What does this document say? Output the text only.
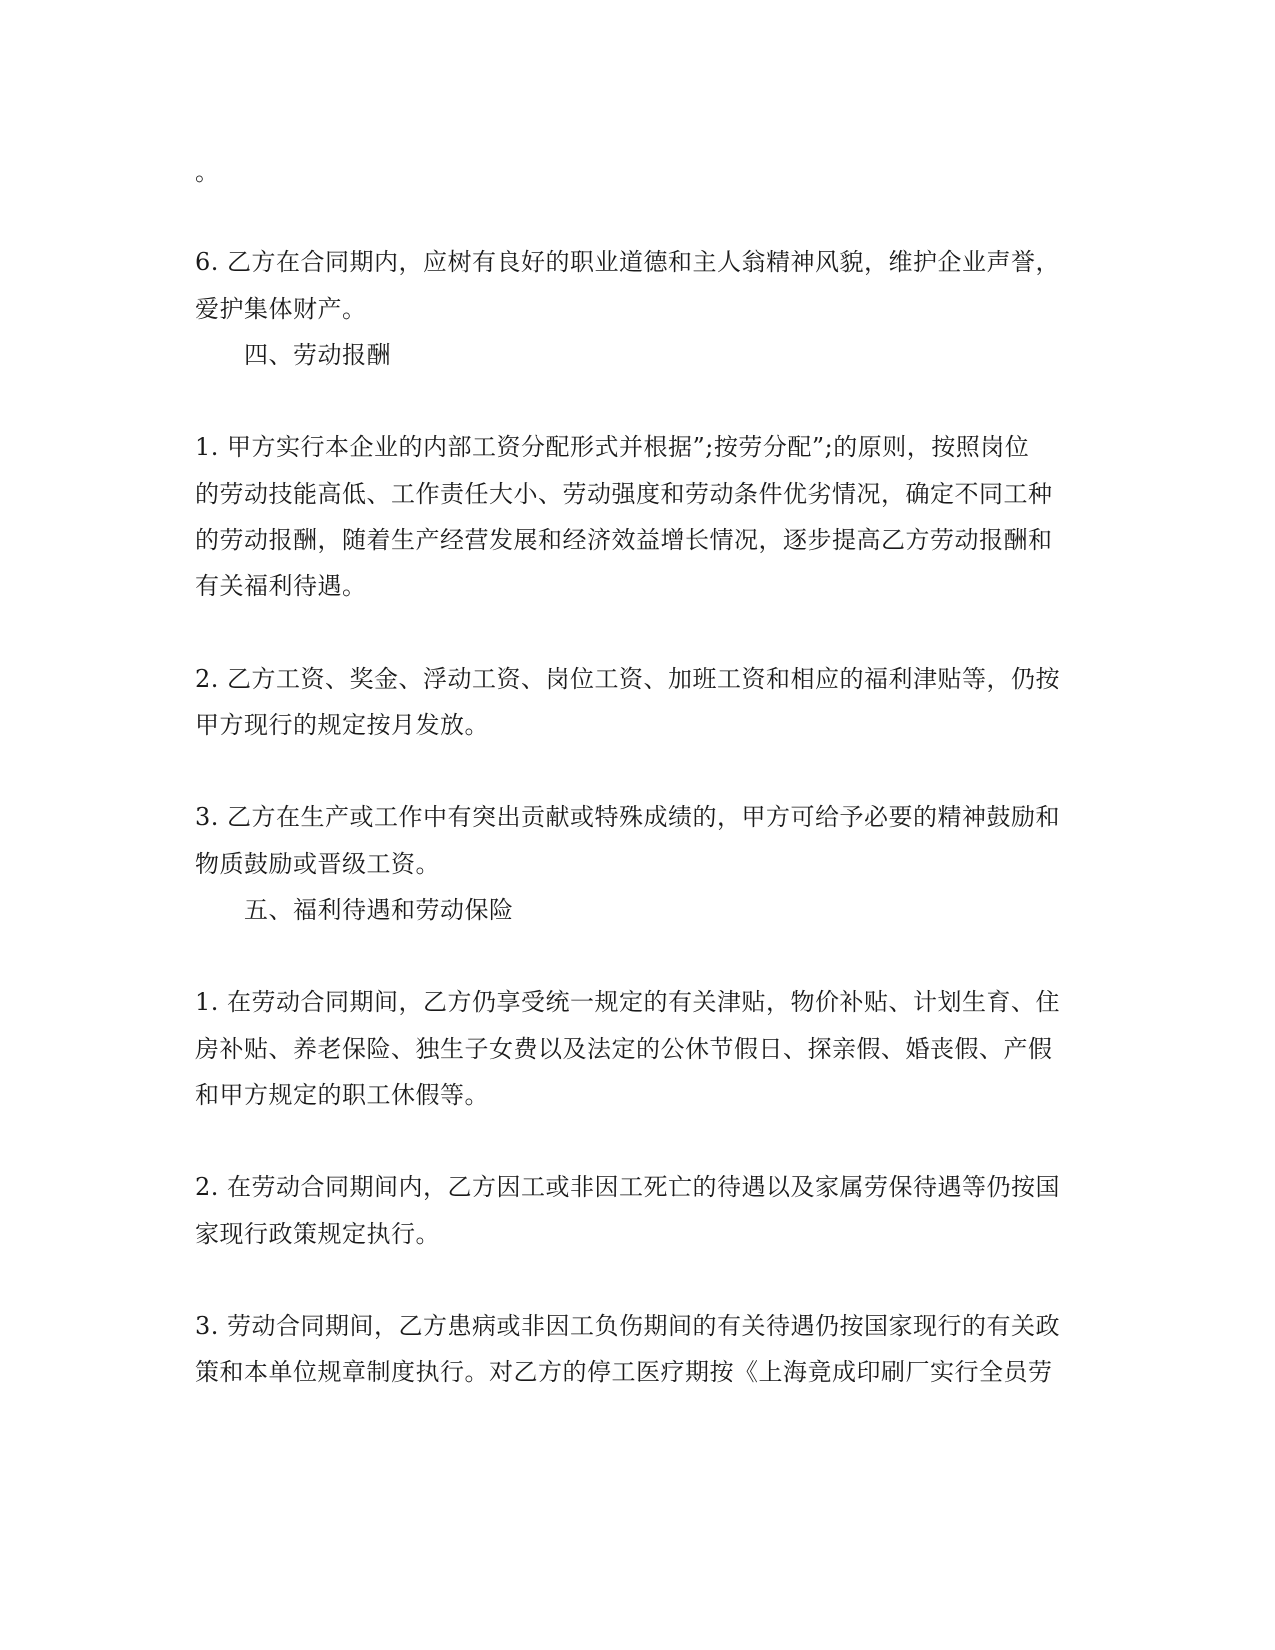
。
6. 乙方在合同期内，应树有良好的职业道德和主人翁精神风貌，维护企业声誉，
爱护集体财产。
四、劳动报酬
1. 甲方实行本企业的内部工资分配形式并根据”;按劳分配”;的原则，按照岗位
的劳动技能高低、工作责任大小、劳动强度和劳动条件优劣情况，确定不同工种
的劳动报酬，随着生产经营发展和经济效益增长情况，逐步提高乙方劳动报酬和
有关福利待遇。
2. 乙方工资、奖金、浮动工资、岗位工资、加班工资和相应的福利津贴等，仍按
甲方现行的规定按月发放。
3. 乙方在生产或工作中有突出贡献或特殊成绩的，甲方可给予必要的精神鼓励和
物质鼓励或晋级工资。
五、福利待遇和劳动保险
1. 在劳动合同期间，乙方仍享受统一规定的有关津贴，物价补贴、计划生育、住
房补贴、养老保险、独生子女费以及法定的公休节假日、探亲假、婚丧假、产假
和甲方规定的职工休假等。
2. 在劳动合同期间内，乙方因工或非因工死亡的待遇以及家属劳保待遇等仍按国
家现行政策规定执行。
3. 劳动合同期间，乙方患病或非因工负伤期间的有关待遇仍按国家现行的有关政
策和本单位规章制度执行。对乙方的停工医疗期按《上海竟成印刷厂实行全员劳
